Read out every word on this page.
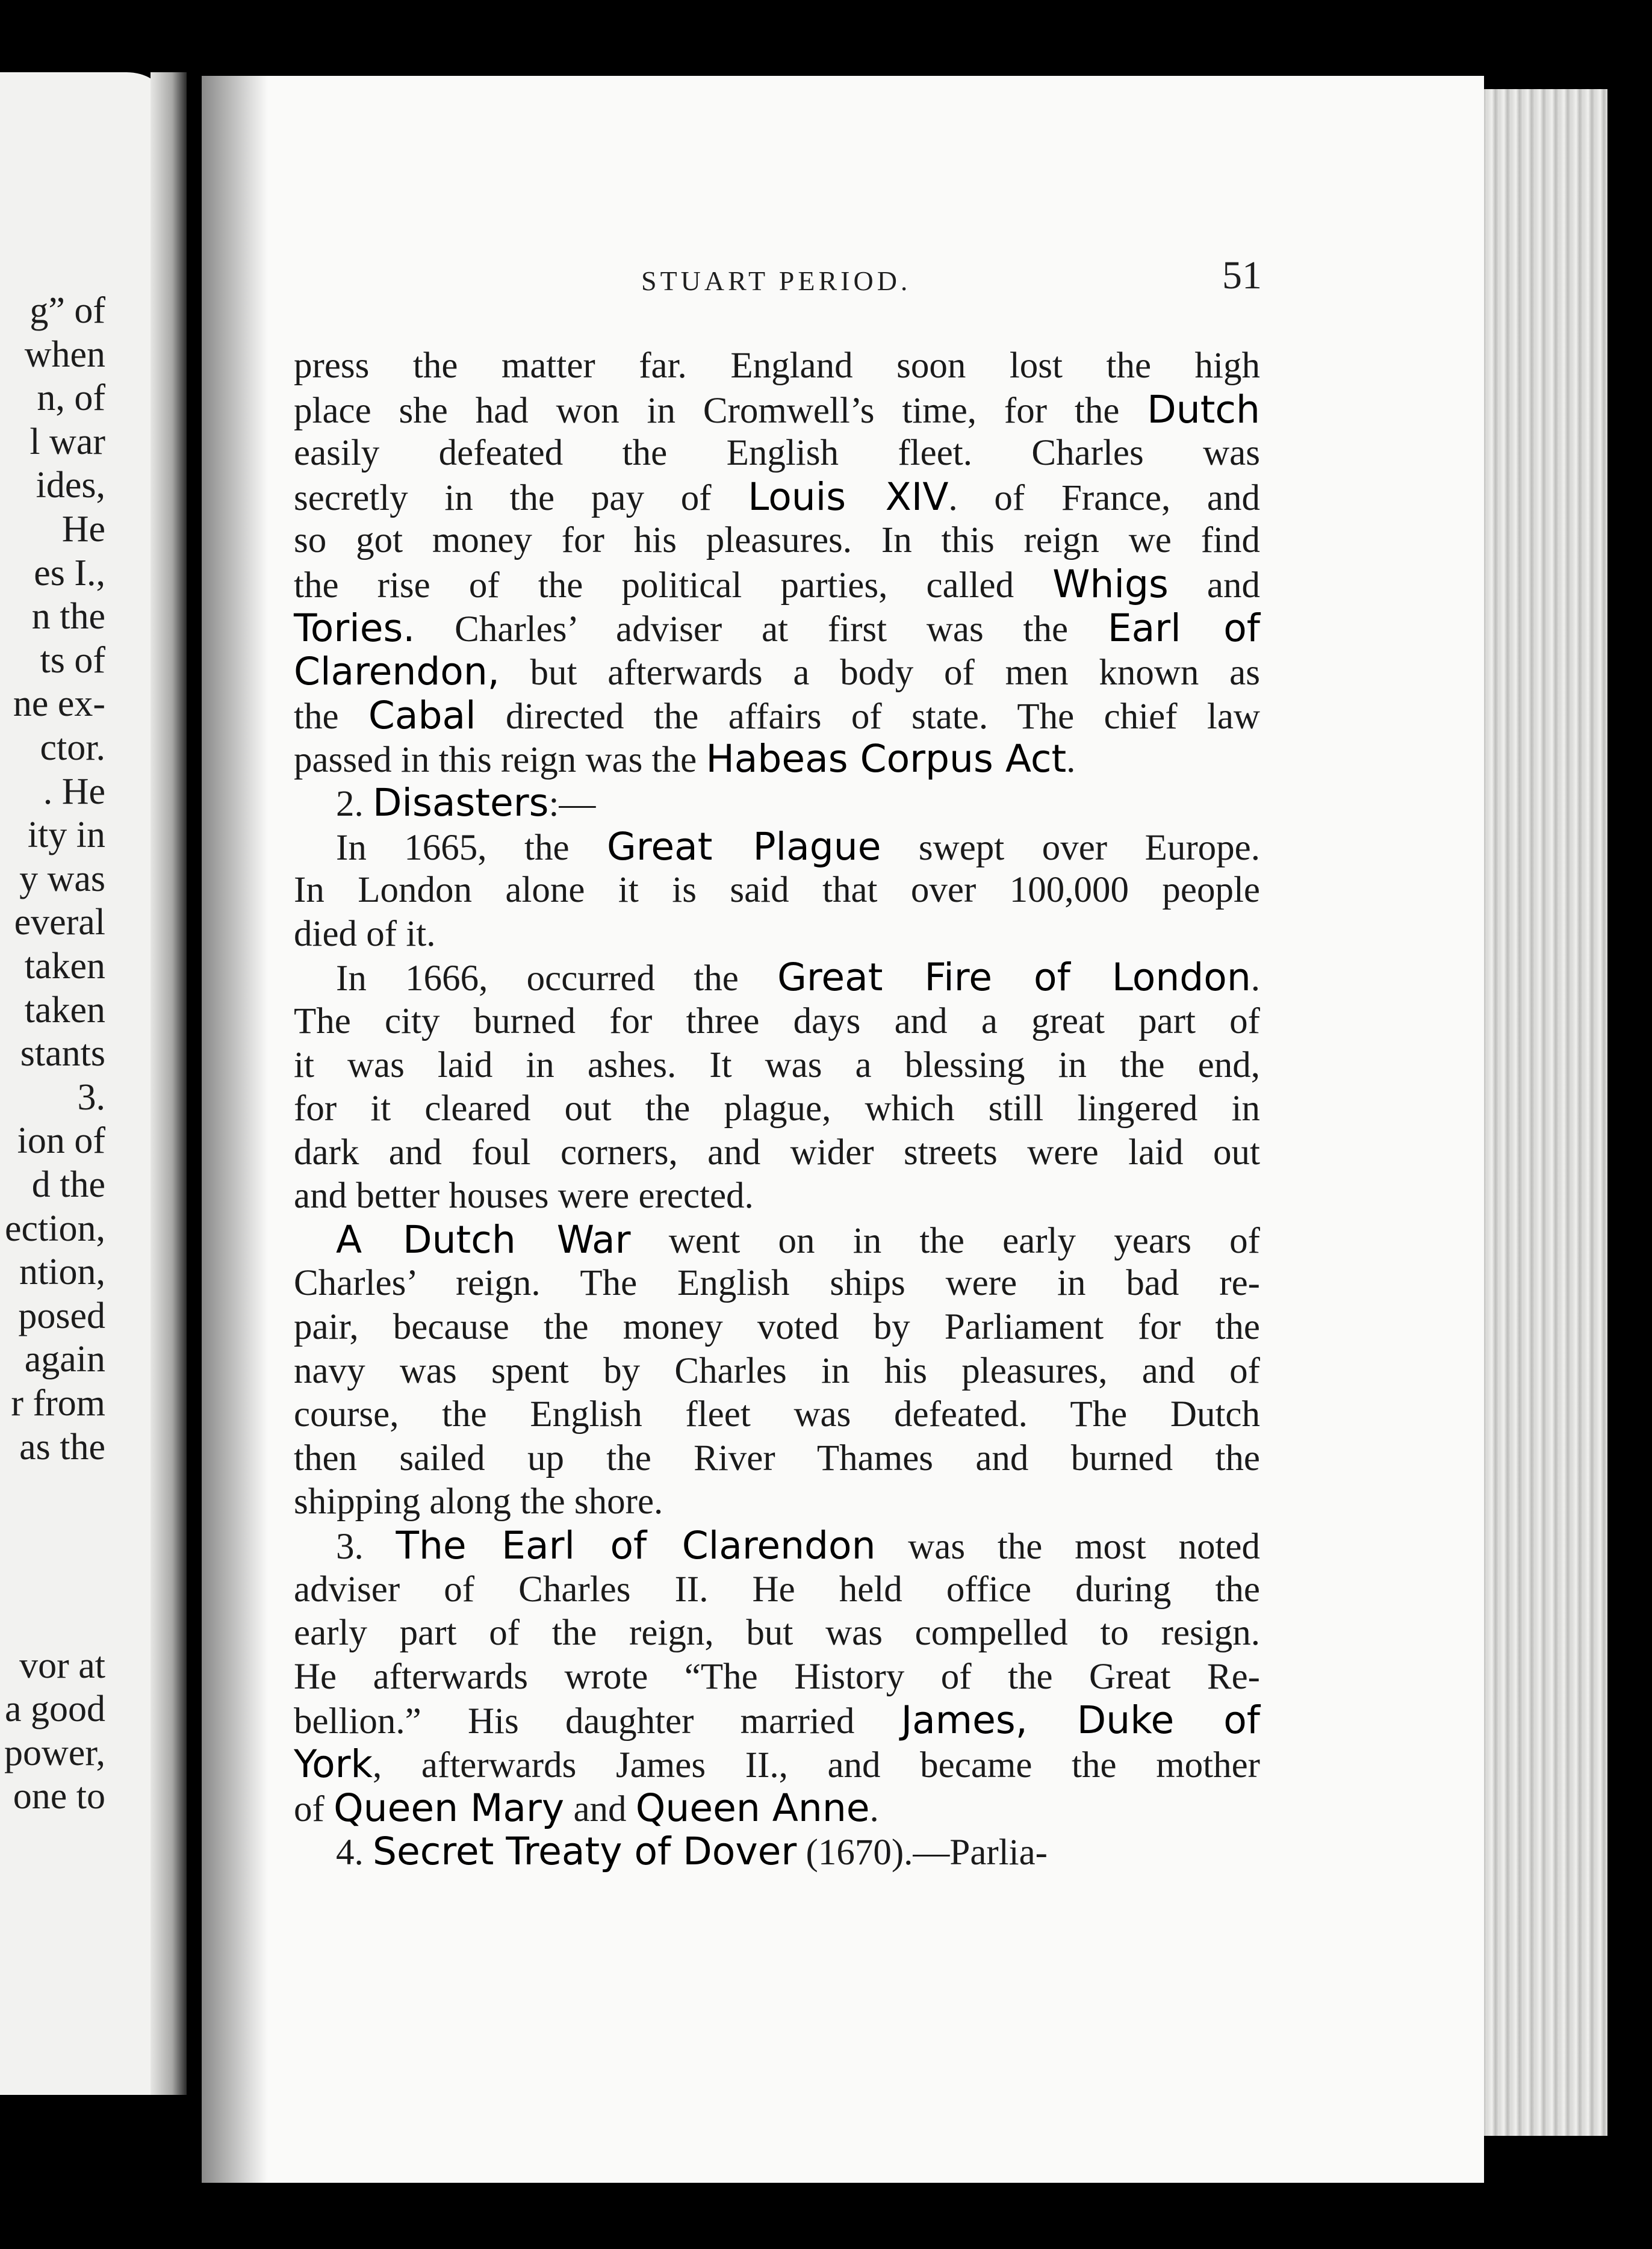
g” of
when
n, of
l war
ides,
He
es I.,
n the
ts of
ne ex-
ctor.
. He
ity in
y was
everal
taken
taken
stants
3.
ion of
d the
ection,
ntion,
posed
again
r from
as the
vor at
a good
power,
one to
STUART PERIOD.	51
press the matter far. England soon lost the high
place she had won in Cromwell’s time, for the Dutch
easily defeated the English fleet. Charles was
secretly in the pay of Louis XIV. of France, and
so got money for his pleasures. In this reign we find
the rise of the political parties, called Whigs and
Tories. Charles’ adviser at first was the Earl of
Clarendon, but afterwards a body of men known as
the Cabal directed the affairs of state. The chief law
passed in this reign was the Habeas Corpus Act.
2. Disasters:—
In 1665, the Great Plague swept over Europe.
In London alone it is said that over 100,000 people
died of it.
In 1666, occurred the Great Fire of London.
The city burned for three days and a great part of
it was laid in ashes. It was a blessing in the end,
for it cleared out the plague, which still lingered in
dark and foul corners, and wider streets were laid out
and better houses were erected.
A Dutch War went on in the early years of
Charles’ reign. The English ships were in bad re-
pair, because the money voted by Parliament for the
navy was spent by Charles in his pleasures, and of
course, the English fleet was defeated. The Dutch
then sailed up the River Thames and burned the
shipping along the shore.
3. The Earl of Clarendon was the most noted
adviser of Charles II. He held office during the
early part of the reign, but was compelled to resign.
He afterwards wrote “The History of the Great Re-
bellion.” His daughter married James, Duke of
York, afterwards James II., and became the mother
of Queen Mary and Queen Anne.
4. Secret Treaty of Dover (1670).—Parlia-
